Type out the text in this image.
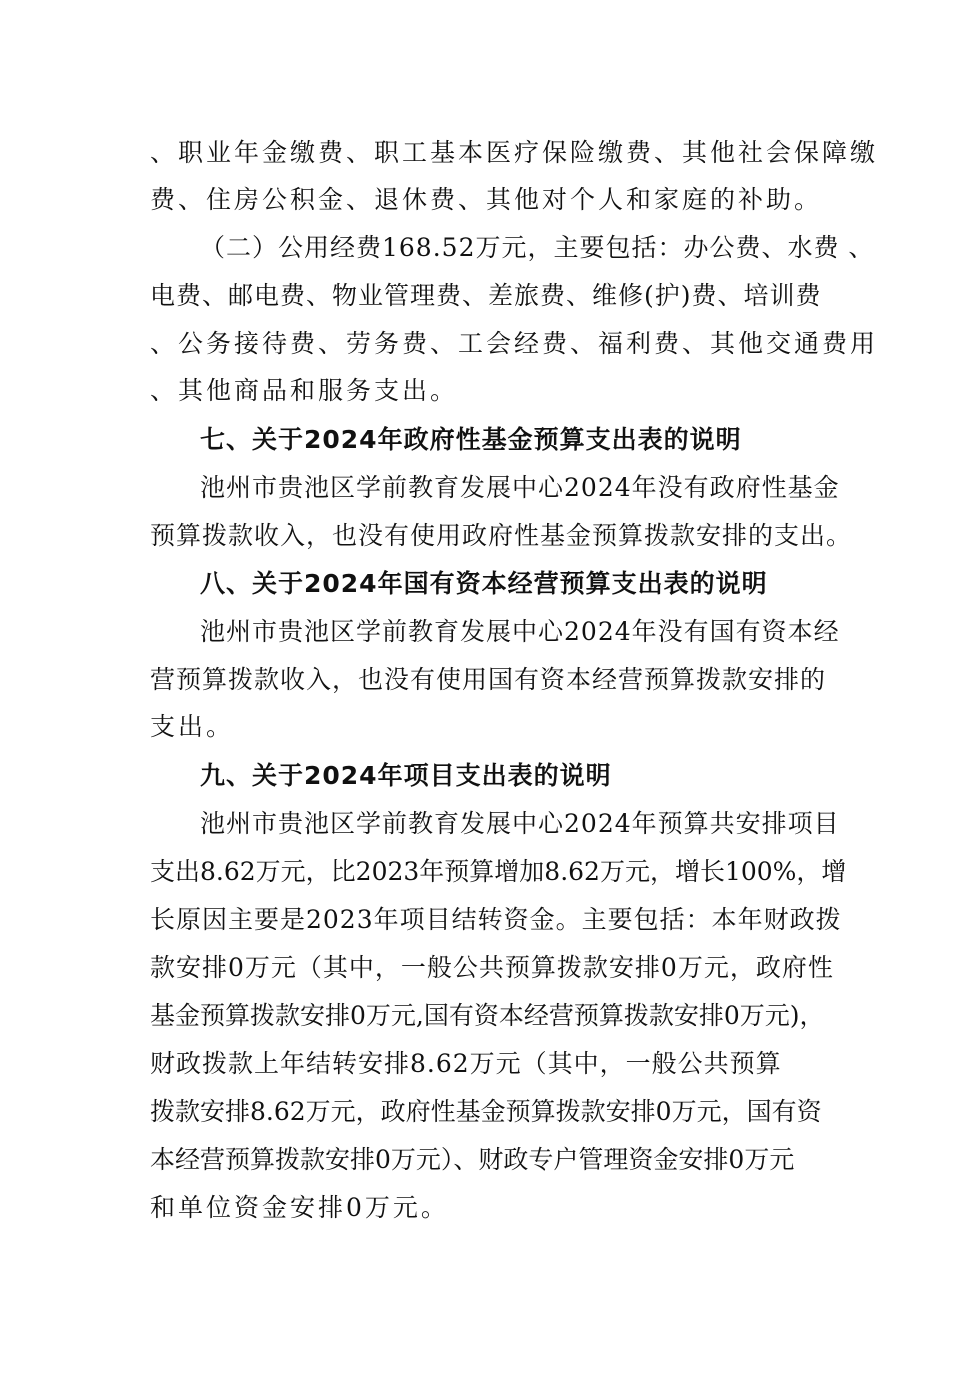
、职业年金缴费、职工基本医疗保险缴费、其他社会保障缴
费、住房公积金、退休费、其他对个人和家庭的补助。
（二）公用经费168.52万元，主要包括：办公费、水费 、
电费、邮电费、物业管理费、差旅费、维修(护)费、培训费
、公务接待费、劳务费、工会经费、福利费、其他交通费用
、其他商品和服务支出。
七、关于2024年政府性基金预算支出表的说明
池州市贵池区学前教育发展中心2024年没有政府性基金
预算拨款收入，也没有使用政府性基金预算拨款安排的支出。
八、关于2024年国有资本经营预算支出表的说明
池州市贵池区学前教育发展中心2024年没有国有资本经
营预算拨款收入，也没有使用国有资本经营预算拨款安排的
支出。
九、关于2024年项目支出表的说明
池州市贵池区学前教育发展中心2024年预算共安排项目
支出8.62万元，比2023年预算增加8.62万元，增长100%，增
长原因主要是2023年项目结转资金。主要包括：本年财政拨
款安排0万元（其中，一般公共预算拨款安排0万元，政府性
基金预算拨款安排0万元,国有资本经营预算拨款安排0万元)，
财政拨款上年结转安排8.62万元（其中，一般公共预算
拨款安排8.62万元，政府性基金预算拨款安排0万元，国有资
本经营预算拨款安排0万元）、财政专户管理资金安排0万元
和单位资金安排0万元。
